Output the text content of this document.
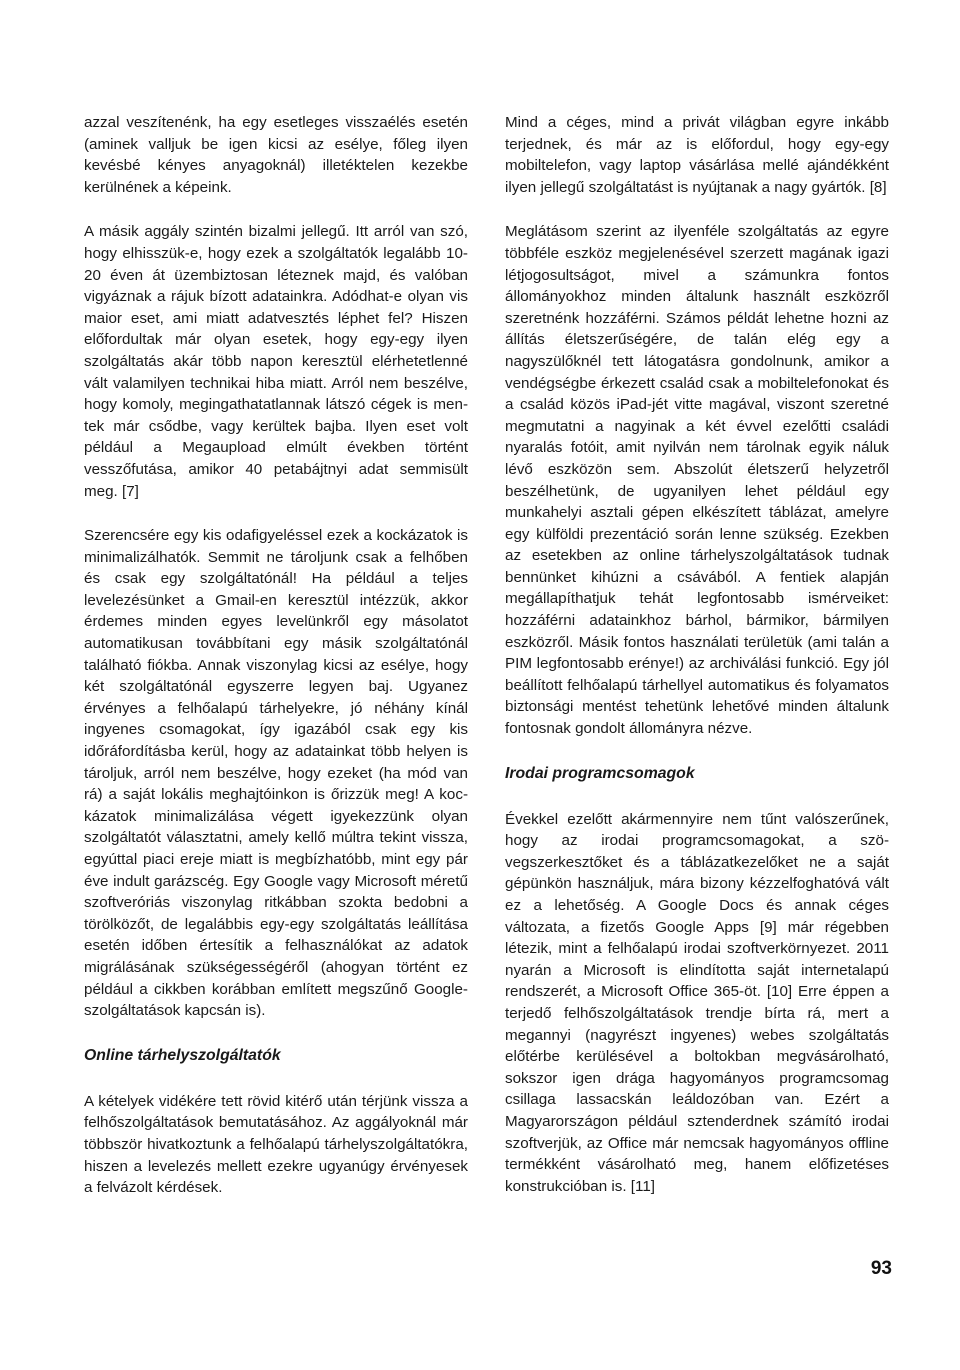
azzal veszítenénk, ha egy esetleges visszaélés esetén (aminek valljuk be igen kicsi az esélye, főleg ilyen kevésbé kényes anyagoknál) illetéktelen kezekbe kerülnének a képeink.

A másik aggály szintén bizalmi jellegű. Itt arról van szó, hogy elhisszük-e, hogy ezek a szolgáltatók legalább 10-20 éven át üzembiztosan léteznek majd, és valóban vigyáznak a rájuk bízott adatainkra. Adódhat-e olyan vis maior eset, ami miatt adatvesztés léphet fel? Hiszen előfordultak már olyan esetek, hogy egy-egy ilyen szolgáltatás akár több napon keresztül elérhetetlenné vált valamilyen technikai hiba miatt. Arról nem beszélve, hogy komoly, megingathatatlannak látszó cégek is mentek már csődbe, vagy kerültek bajba. Ilyen eset volt például a Megaupload elmúlt években történt vesszőfutása, amikor 40 petabájtnyi adat semmisült meg. [7]

Szerencsére egy kis odafigyeléssel ezek a kockázatok is minimalizálhatók. Semmit ne tároljunk csak a felhőben és csak egy szolgáltatónál! Ha például a teljes levelezésünket a Gmail-en keresztül intézzük, akkor érdemes minden egyes levelünkről egy másolatot automatikusan továbbítani egy másik szolgáltatónál található fiókba. Annak viszonylag kicsi az esélye, hogy két szolgáltatónál egyszerre legyen baj. Ugyanez érvényes a felhőalapú tárhelyekre, jó néhány kínál ingyenes csomagokat, így igazából csak egy kis időráfordításba kerül, hogy az adatainkat több helyen is tároljuk, arról nem beszélve, hogy ezeket (ha mód van rá) a saját lokális meghajtóinkon is őrizzük meg! A kockázatok minimalizálása végett igyekezzünk olyan szolgáltatót választatni, amely kellő múltra tekint vissza, egyúttal piaci ereje miatt is megbízhatóbb, mint egy pár éve indult garázscég. Egy Google vagy Microsoft méretű szoftveróriás viszonylag ritkábban szokta bedobni a törölközőt, de legalábbis egy-egy szolgáltatás leállítása esetén időben értesítik a felhasználókat az adatok migrálásának szükségességéről (ahogyan történt ez például a cikkben korábban említett megszűnő Google-szolgáltatások kapcsán is).

Online tárhelyszolgáltatók

A kételyek vidékére tett rövid kitérő után térjünk vissza a felhőszolgáltatások bemutatásához. Az aggályoknál már többször hivatkoztunk a felhőalapú tárhelyszolgáltatókra, hiszen a levelezés mellett ezekre ugyanúgy érvényesek a felvázolt kérdések.

Mind a céges, mind a privát világban egyre inkább terjednek, és már az is előfordul, hogy egy-egy mobiltelefon, vagy laptop vásárlása mellé ajándékként ilyen jellegű szolgáltatást is nyújtanak a nagy gyártók. [8]

Meglátásom szerint az ilyenféle szolgáltatás az egyre többféle eszköz megjelenésével szerzett magának igazi létjogosultságot, mivel a számunkra fontos állományokhoz minden általunk használt eszközről szeretnénk hozzáférni. Számos példát lehetne hozni az állítás életszerűségére, de talán elég egy a nagyszülőknél tett látogatásra gondolnunk, amikor a vendégségbe érkezett család csak a mobiltelefonokat és a család közös iPad-jét vitte magával, viszont szeretné megmutatni a nagyinak a két évvel ezelőtti családi nyaralás fotóit, amit nyilván nem tárolnak egyik náluk lévő eszközön sem. Abszolút életszerű helyzetről beszélhetünk, de ugyanilyen lehet például egy munkahelyi asztali gépen elkészített táblázat, amelyre egy külföldi prezentáció során lenne szükség. Ezekben az esetekben az online tárhelyszolgáltatások tudnak bennünket kihúzni a csávából. A fentiek alapján megállapíthatjuk tehát legfontosabb ismérveiket: hozzáférni adatainkhoz bárhol, bármikor, bármilyen eszközről. Másik fontos használati területük (ami talán a PIM legfontosabb erénye!) az archiválási funkció. Egy jól beállított felhőalapú tárhellyel automatikus és folyamatos biztonsági mentést tehetünk lehetővé minden általunk fontosnak gondolt állományra nézve.

Irodai programcsomagok

Évekkel ezelőtt akármennyire nem tűnt valószerűnek, hogy az irodai programcsomagokat, a szövegszerkesztőket és a táblázatkezelőket ne a saját gépünkön használjuk, mára bizony kézzelfoghatóvá vált ez a lehetőség. A Google Docs és annak céges változata, a fizetős Google Apps [9] már régebben létezik, mint a felhőalapú irodai szoftverkörnyezet. 2011 nyarán a Microsoft is elindította saját internetalapú rendszerét, a Microsoft Office 365-öt. [10] Erre éppen a terjedő felhőszolgáltatások trendje bírta rá, mert a megannyi (nagyrészt ingyenes) webes szolgáltatás előtérbe kerülésével a boltokban megvásárolható, sokszor igen drága hagyományos programcsomag csillaga lassacskán leáldozóban van. Ezért a Magyarországon például sztenderdnek számító irodai szoftverjük, az Office már nemcsak hagyományos offline termékként vásárolható meg, hanem előfizetéses konstrukcióban is. [11]

93
